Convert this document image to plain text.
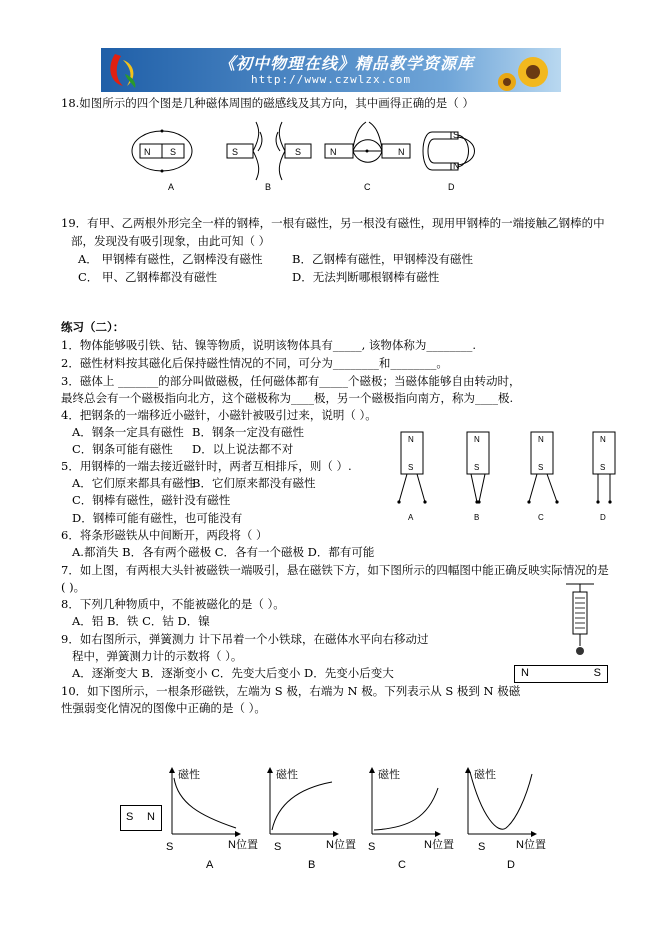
《初中物理在线》精品教学资源库
http://www.czwlzx.com
18.如图所示的四个图是几种磁体周围的磁感线及其方向，其中画得正确的是（ ）
N S	S	S	N	N
S
N
A	B	C	D
19．有甲、乙两根外形完全一样的钢棒，一根有磁性，另一根没有磁性，现用甲钢棒的一端接触乙钢棒的中
部，发现没有吸引现象，由此可知（ ）
A． 甲钢棒有磁性，乙钢棒没有磁性	B．乙钢棒有磁性，甲钢棒没有磁性
C． 甲、乙钢棒都没有磁性	D．无法判断哪根钢棒有磁性
练习（二）：
1．物体能够吸引铁、钴、镍等物质，说明该物体具有_____, 该物体称为________.
2．磁性材料按其磁化后保持磁性情况的不同，可分为________和________。
3．磁体上 _______的部分叫做磁极，任何磁体都有_____个磁极；当磁体能够自由转动时，
最终总会有一个磁极指向北方，这个磁极称为____极，另一个磁极指向南方，称为____极.
4．把钢条的一端移近小磁针，小磁针被吸引过来，说明（ ）。
A．钢条一定具有磁性 B．钢条一定没有磁性
C．钢条可能有磁性 D．以上说法都不对
5．用钢棒的一端去接近磁针时，两者互相排斥，则（ ）.
A．它们原来都具有磁性
B．它们原来都没有磁性
C．钢棒有磁性，磁针没有磁性
D．钢棒可能有磁性，也可能没有
6．将条形磁铁从中间断开，两段将（ ）
A.都消失 B．各有两个磁极 C．各有一个磁极 D．都有可能
7．如上图，有两根大头针被磁铁一端吸引，悬在磁铁下方，如下图所示的四幅图中能正确反映实际情况的是
( )。
8．下列几种物质中，不能被磁化的是（ ）。
A．铝 B．铁 C．钴 D．镍
9．如右图所示，弹簧测力 计下吊着一个小铁球，在磁体水平向右移动过
程中，弹簧测力计的示数将（ ）。
A．逐渐变大 B．逐渐变小 C．先变大后变小 D．先变小后变大
10．如下图所示，一根条形磁铁，左端为 S 极，右端为 N 极。下列表示从 S 极到 N 极磁
性强弱变化情况的图像中正确的是（ ）。
N
S
N
S
N
S
N
S
A	B	C	D
N	S
S N
磁性	磁性	磁性	磁性
S	S	S	S
N位置	N位置	N位置	N位置
A	B	C	D
